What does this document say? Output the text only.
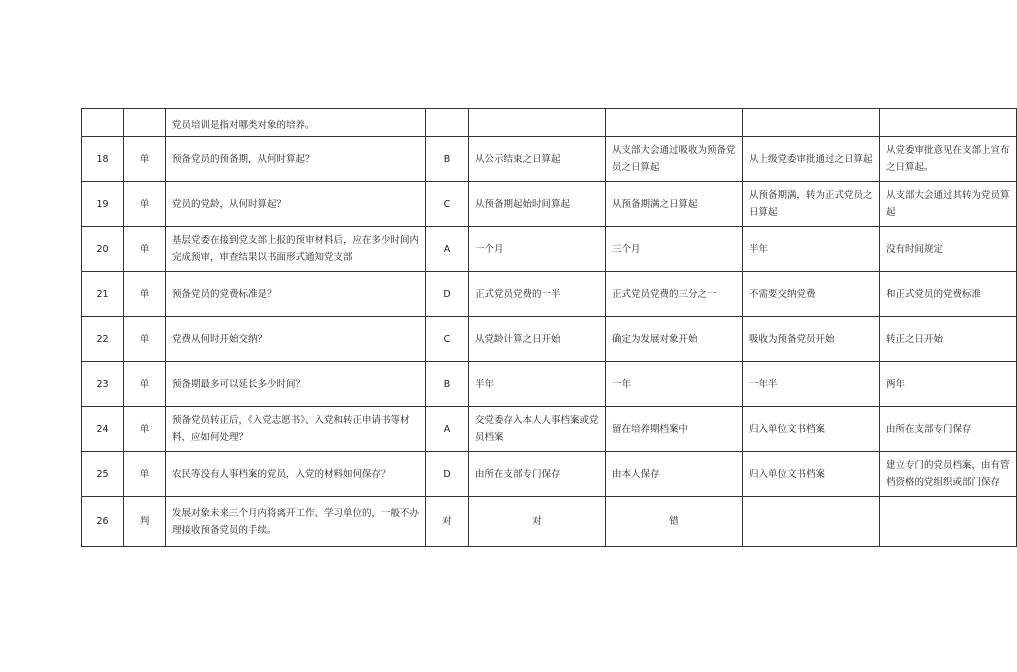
		党员培训是指对哪类对象的培养。					
18	单	预备党员的预备期，从何时算起？	B	从公示结束之日算起	从支部大会通过吸收为预备党员之日算起	从上级党委审批通过之日算起	从党委审批意见在支部上宣布之日算起。
19	单	党员的党龄，从何时算起？	C	从预备期起始时间算起	从预备期满之日算起	从预备期满，转为正式党员之日算起	从支部大会通过其转为党员算起
20	单	基层党委在接到党支部上报的预审材料后，应在多少时间内完成预审，审查结果以书面形式通知党支部	A	一个月	三个月	半年	没有时间规定
21	单	预备党员的党费标准是？	D	正式党员党费的一半	正式党员党费的三分之一	不需要交纳党费	和正式党员的党费标准
22	单	党费从何时开始交纳？	C	从党龄计算之日开始	确定为发展对象开始	吸收为预备党员开始	转正之日开始
23	单	预备期最多可以延长多少时间？	B	半年	一年	一年半	两年
24	单	预备党员转正后，《入党志愿书》、入党和转正申请书等材料，应如何处理？	A	交党委存入本人人事档案或党员档案	留在培养期档案中	归入单位文书档案	由所在支部专门保存
25	单	农民等没有人事档案的党员，入党的材料如何保存？	D	由所在支部专门保存	由本人保存	归入单位文书档案	建立专门的党员档案，由有管档资格的党组织或部门保存
26	判	发展对象未来三个月内将离开工作、学习单位的，一般不办理接收预备党员的手续。	对	对	错		
